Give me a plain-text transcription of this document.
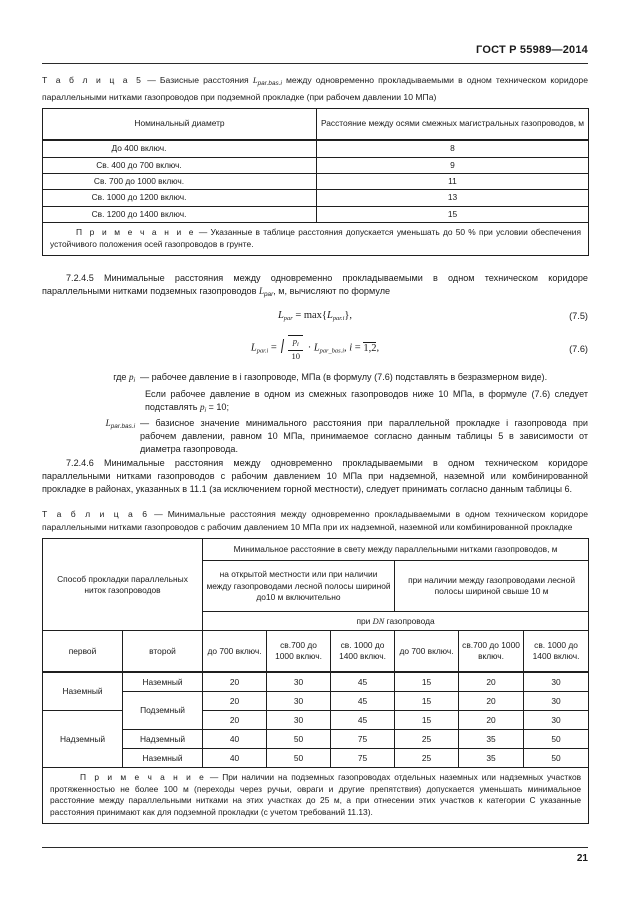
ГОСТ Р 55989—2014

Т а б л и ц а 5 — Базисные расстояния $L_{par.bas.i}$ между одновременно прокладываемыми в одном техническом коридоре параллельными нитками газопроводов при подземной прокладке (при рабочем давлении 10 МПа)

Номинальный диаметр	Расстояние между осями смежных магистральных газопроводов, м
До 400 включ.	8
Св. 400 до 700 включ.	9
Св. 700 до 1000 включ.	11
Св. 1000 до 1200 включ.	13
Св. 1200 до 1400 включ.	15
П р и м е ч а н и е — Указанные в таблице расстояния допускается уменьшать до 50 % при условии обеспечения устойчивого положения осей газопроводов в грунте.	

7.2.4.5 Минимальные расстояния между одновременно прокладываемыми в одном техническом коридоре параллельными нитками подземных газопроводов $L_{par}$, м, вычисляют по формуле

$L_{par} = \max\{L_{par.i}\}$,	(7.5)
$L_{par.i} = \frac{p_i}{10} \cdot L_{par\_bas.i}$, i = 1,2,	(7.6)
где $p_i$ — рабочее давление в i газопроводе, МПа (в формулу (7.6) подставлять в безразмерном виде).
Если рабочее давление в одном из смежных газопроводов ниже 10 МПа, в формуле (7.6) следует подставлять $p_i = 10$;
$L_{par.bas.i}$ — базисное значение минимального расстояния при параллельной прокладке i газопровода при рабочем давлении, равном 10 МПа, принимаемое согласно данным таблицы 5 в зависимости от диаметра газопровода.

7.2.4.6 Минимальные расстояния между одновременно прокладываемыми в одном техническом коридоре параллельными нитками газопроводов с рабочим давлением 10 МПа при надземной, наземной или комбинированной прокладке в районах, указанных в 11.1 (за исключением горной местности), следует принимать согласно данным таблицы 6.

Т а б л и ц а 6 — Минимальные расстояния между одновременно прокладываемыми в одном техническом коридоре параллельными нитками газопроводов с рабочим давлением 10 МПа при их надземной, наземной или комбинированной прокладке

Способ прокладки параллельных ниток газопроводов		Минимальное расстояние в свету между параллельными нитками газопроводов, м					
		на открытой местности или при наличии между газопроводами лесной полосы шириной до10 м включительно			при наличии между газопроводами лесной полосы шириной свыше 10 м		
		при DN газопровода					
первой	второй	до 700 включ.	св.700 до 1000 включ.	св. 1000 до 1400 включ.	до 700 включ.	св.700 до 1000 включ.	св. 1000 до 1400 включ.
Наземный	Наземный	20	30	45	15	20	30
	Подземный	20	30	45	15	20	30
Надземный		20	30	45	15	20	30
	Надземный	40	50	75	25	35	50
	Наземный	40	50	75	25	35	50
П р и м е ч а н и е — При наличии на подземных газопроводах отдельных наземных или надземных участков протяженностью не более 100 м (переходы через ручьи, овраги и другие препятствия) допускается уменьшать минимальное расстояние между параллельными нитками на этих участках до 25 м, а при отнесении этих участков к категории С указанные расстояния принимают как для подземной прокладки (с учетом требований 11.13).							
21
